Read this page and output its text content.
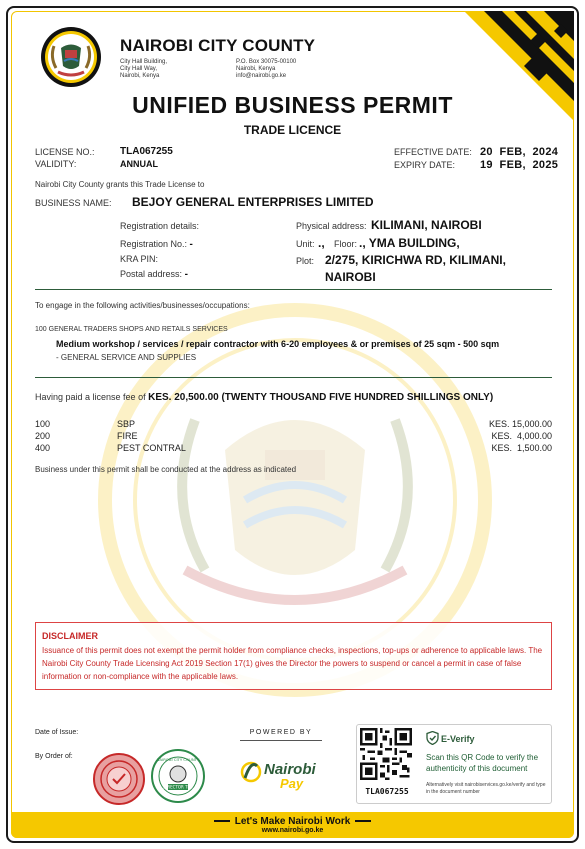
NAIROBI CITY COUNTY
City Hall Building,
City Hall Way,
Nairobi, Kenya
P.O. Box 30075-00100
Nairobi, Kenya
info@nairobi.go.ke
UNIFIED BUSINESS PERMIT
TRADE LICENCE
LICENSE NO.:	TLA067255
VALIDITY:	ANNUAL
EFFECTIVE DATE: 20  FEB,  2024
EXPIRY DATE: 19  FEB,  2025
Nairobi City County grants this Trade License to
BUSINESS NAME: BEJOY GENERAL ENTERPRISES LIMITED
Registration details:
Registration No.: -
KRA PIN:
Postal address: -
Physical address: KILIMANI, NAIROBI
Unit: ., Floor: ., YMA BUILDING,
Plot: 2/275, KIRICHWA RD, KILIMANI,
NAIROBI
To engage in the following activities/businesses/occupations:
100 GENERAL TRADERS SHOPS AND RETAILS SERVICES
Medium workshop / services / repair contractor with 6-20 employees & or premises of 25 sqm - 500 sqm
- GENERAL SERVICE AND SUPPLIES
Having paid a license fee of KES. 20,500.00 (TWENTY THOUSAND FIVE HUNDRED SHILLINGS ONLY)
100	SBP	KES. 15,000.00
200	FIRE	KES.  4,000.00
400	PEST CONTRAL	KES.  1,500.00
Business under this permit shall be conducted at the address as indicated
DISCLAIMER
Issuance of this permit does not exempt the permit holder from compliance checks, inspections, top-ups or adherence to applicable laws. The Nairobi City County Trade Licensing Act 2019 Section 17(1) gives the Director the powers to suspend or cancel a permit in case of false information or non-compliance with the applicable laws.
Date of Issue:
By Order of:
DIRECTOR TLD
NAIROBI CITY COUNTY
POWERED BY
Nairobi
Pay
TLA067255
E-Verify
Scan this QR Code to verify the authenticity of this document
Alternatively visit nairobiservices.go.ke/verify and type in the document number
Let's Make Nairobi Work
www.nairobi.go.ke
